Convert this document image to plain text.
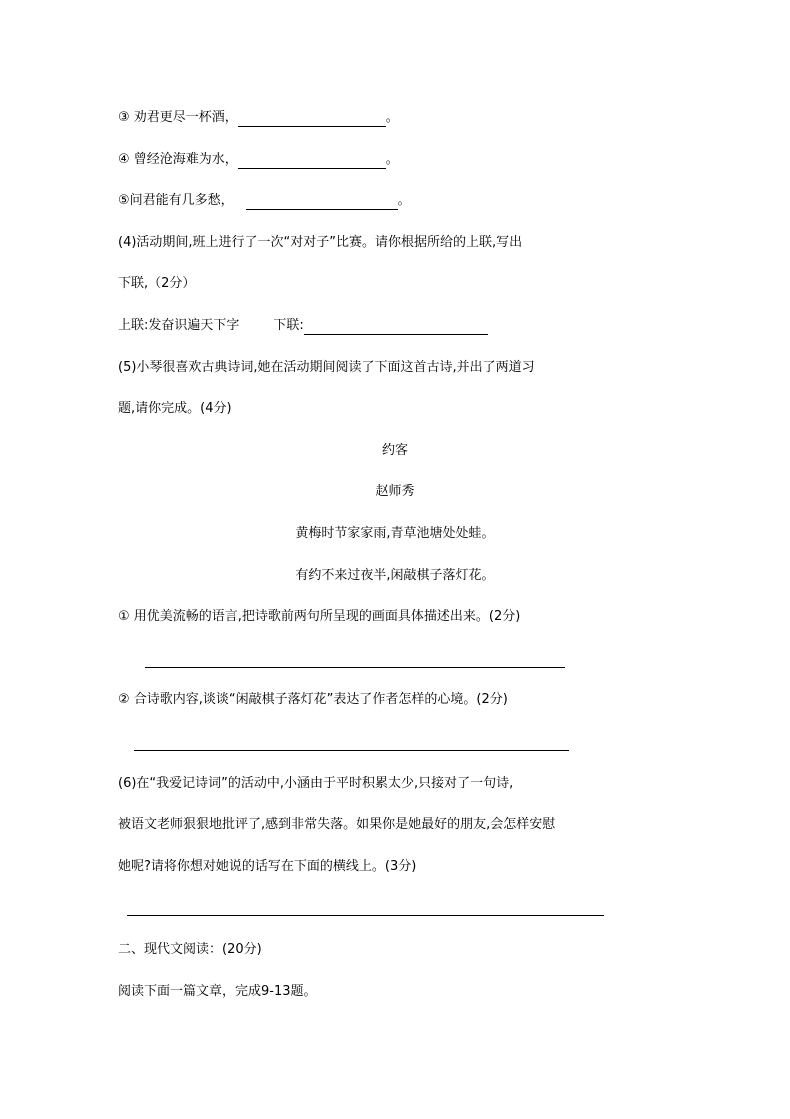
③ 劝君更尽一杯酒，	。
④ 曾经沧海难为水，	。
⑤问君能有几多愁，	。
(4)活动期间,班上进行了一次“对对子”比赛。请你根据所给的上联,写出
下联,（2分）
上联:发奋识遍天下字	下联:
(5)小琴很喜欢古典诗词,她在活动期间阅读了下面这首古诗,并出了两道习
题,请你完成。(4分)
约客
赵师秀
黄梅时节家家雨,青草池塘处处蛙。
有约不来过夜半,闲敲棋子落灯花。
① 用优美流畅的语言,把诗歌前两句所呈现的画面具体描述出来。(2分)
② 合诗歌内容,谈谈“闲敲棋子落灯花”表达了作者怎样的心境。(2分)
(6)在“我爱记诗词”的活动中,小涵由于平时积累太少,只接对了一句诗,
被语文老师狠狠地批评了,感到非常失落。如果你是她最好的朋友,会怎样安慰
她呢?请将你想对她说的话写在下面的横线上。(3分)
二、现代文阅读：(20分)
阅读下面一篇文章，完成9-13题。
